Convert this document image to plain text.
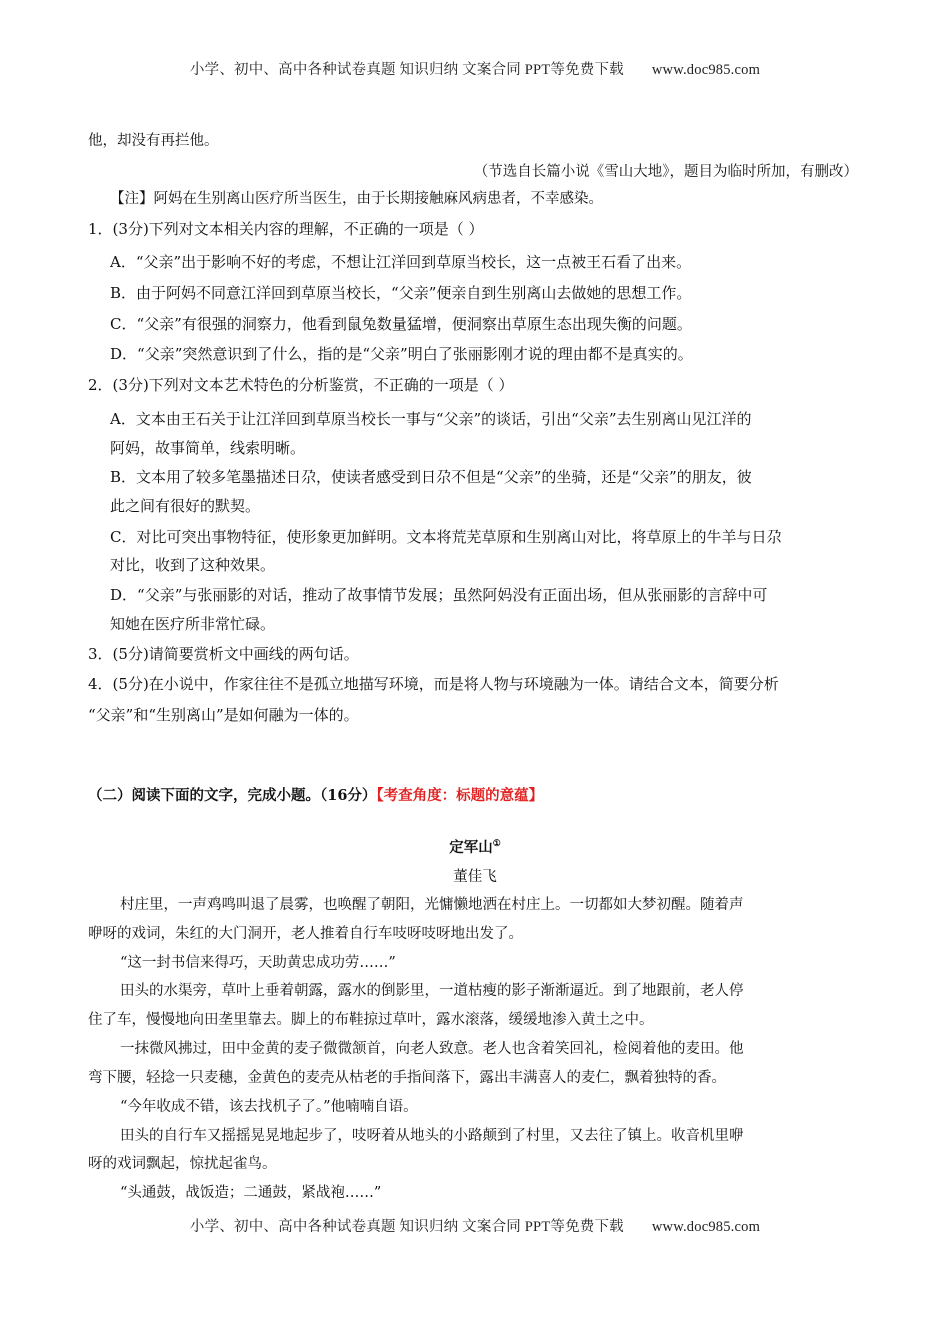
小学、初中、高中各种试卷真题 知识归纳 文案合同 PPT等免费下载 www.doc985.com
他，却没有再拦他。
（节选自长篇小说《雪山大地》，题目为临时所加，有删改）
【注】阿妈在生别离山医疗所当医生，由于长期接触麻风病患者，不幸感染。
1．(3分)下列对文本相关内容的理解，不正确的一项是（ ）
A．“父亲”出于影响不好的考虑，不想让江洋回到草原当校长，这一点被王石看了出来。
B．由于阿妈不同意江洋回到草原当校长，“父亲”便亲自到生别离山去做她的思想工作。
C．“父亲”有很强的洞察力，他看到鼠兔数量猛增，便洞察出草原生态出现失衡的问题。
D．“父亲”突然意识到了什么，指的是“父亲”明白了张丽影刚才说的理由都不是真实的。
2．(3分)下列对文本艺术特色的分析鉴赏，不正确的一项是（ ）
A．文本由王石关于让江洋回到草原当校长一事与“父亲”的谈话，引出“父亲”去生别离山见江洋的
阿妈，故事简单，线索明晰。
B．文本用了较多笔墨描述日尕，使读者感受到日尕不但是“父亲”的坐骑，还是“父亲”的朋友，彼
此之间有很好的默契。
C．对比可突出事物特征，使形象更加鲜明。文本将荒芜草原和生别离山对比，将草原上的牛羊与日尕
对比，收到了这种效果。
D．“父亲”与张丽影的对话，推动了故事情节发展；虽然阿妈没有正面出场，但从张丽影的言辞中可
知她在医疗所非常忙碌。
3．(5分)请简要赏析文中画线的两句话。
4．(5分)在小说中，作家往往不是孤立地描写环境，而是将人物与环境融为一体。请结合文本，简要分析
“父亲”和“生别离山”是如何融为一体的。
（二）阅读下面的文字，完成小题。（16分）【考查角度：标题的意蕴】
定军山①
董佳飞
村庄里，一声鸡鸣叫退了晨雾，也唤醒了朝阳，光慵懒地洒在村庄上。一切都如大梦初醒。随着声
咿呀的戏词，朱红的大门洞开，老人推着自行车吱呀吱呀地出发了。
“这一封书信来得巧，天助黄忠成功劳……”
田头的水渠旁，草叶上垂着朝露，露水的倒影里，一道枯瘦的影子渐渐逼近。到了地跟前，老人停
住了车，慢慢地向田垄里靠去。脚上的布鞋掠过草叶，露水滚落，缓缓地渗入黄土之中。
一抹微风拂过，田中金黄的麦子微微颔首，向老人致意。老人也含着笑回礼，检阅着他的麦田。他
弯下腰，轻捻一只麦穗，金黄色的麦壳从枯老的手指间落下，露出丰满喜人的麦仁，飘着独特的香。
“今年收成不错，该去找机子了。”他喃喃自语。
田头的自行车又摇摇晃晃地起步了，吱呀着从地头的小路颠到了村里，又去往了镇上。收音机里咿
呀的戏词飘起，惊扰起雀鸟。
“头通鼓，战饭造；二通鼓，紧战袍……”
小学、初中、高中各种试卷真题 知识归纳 文案合同 PPT等免费下载 www.doc985.com
